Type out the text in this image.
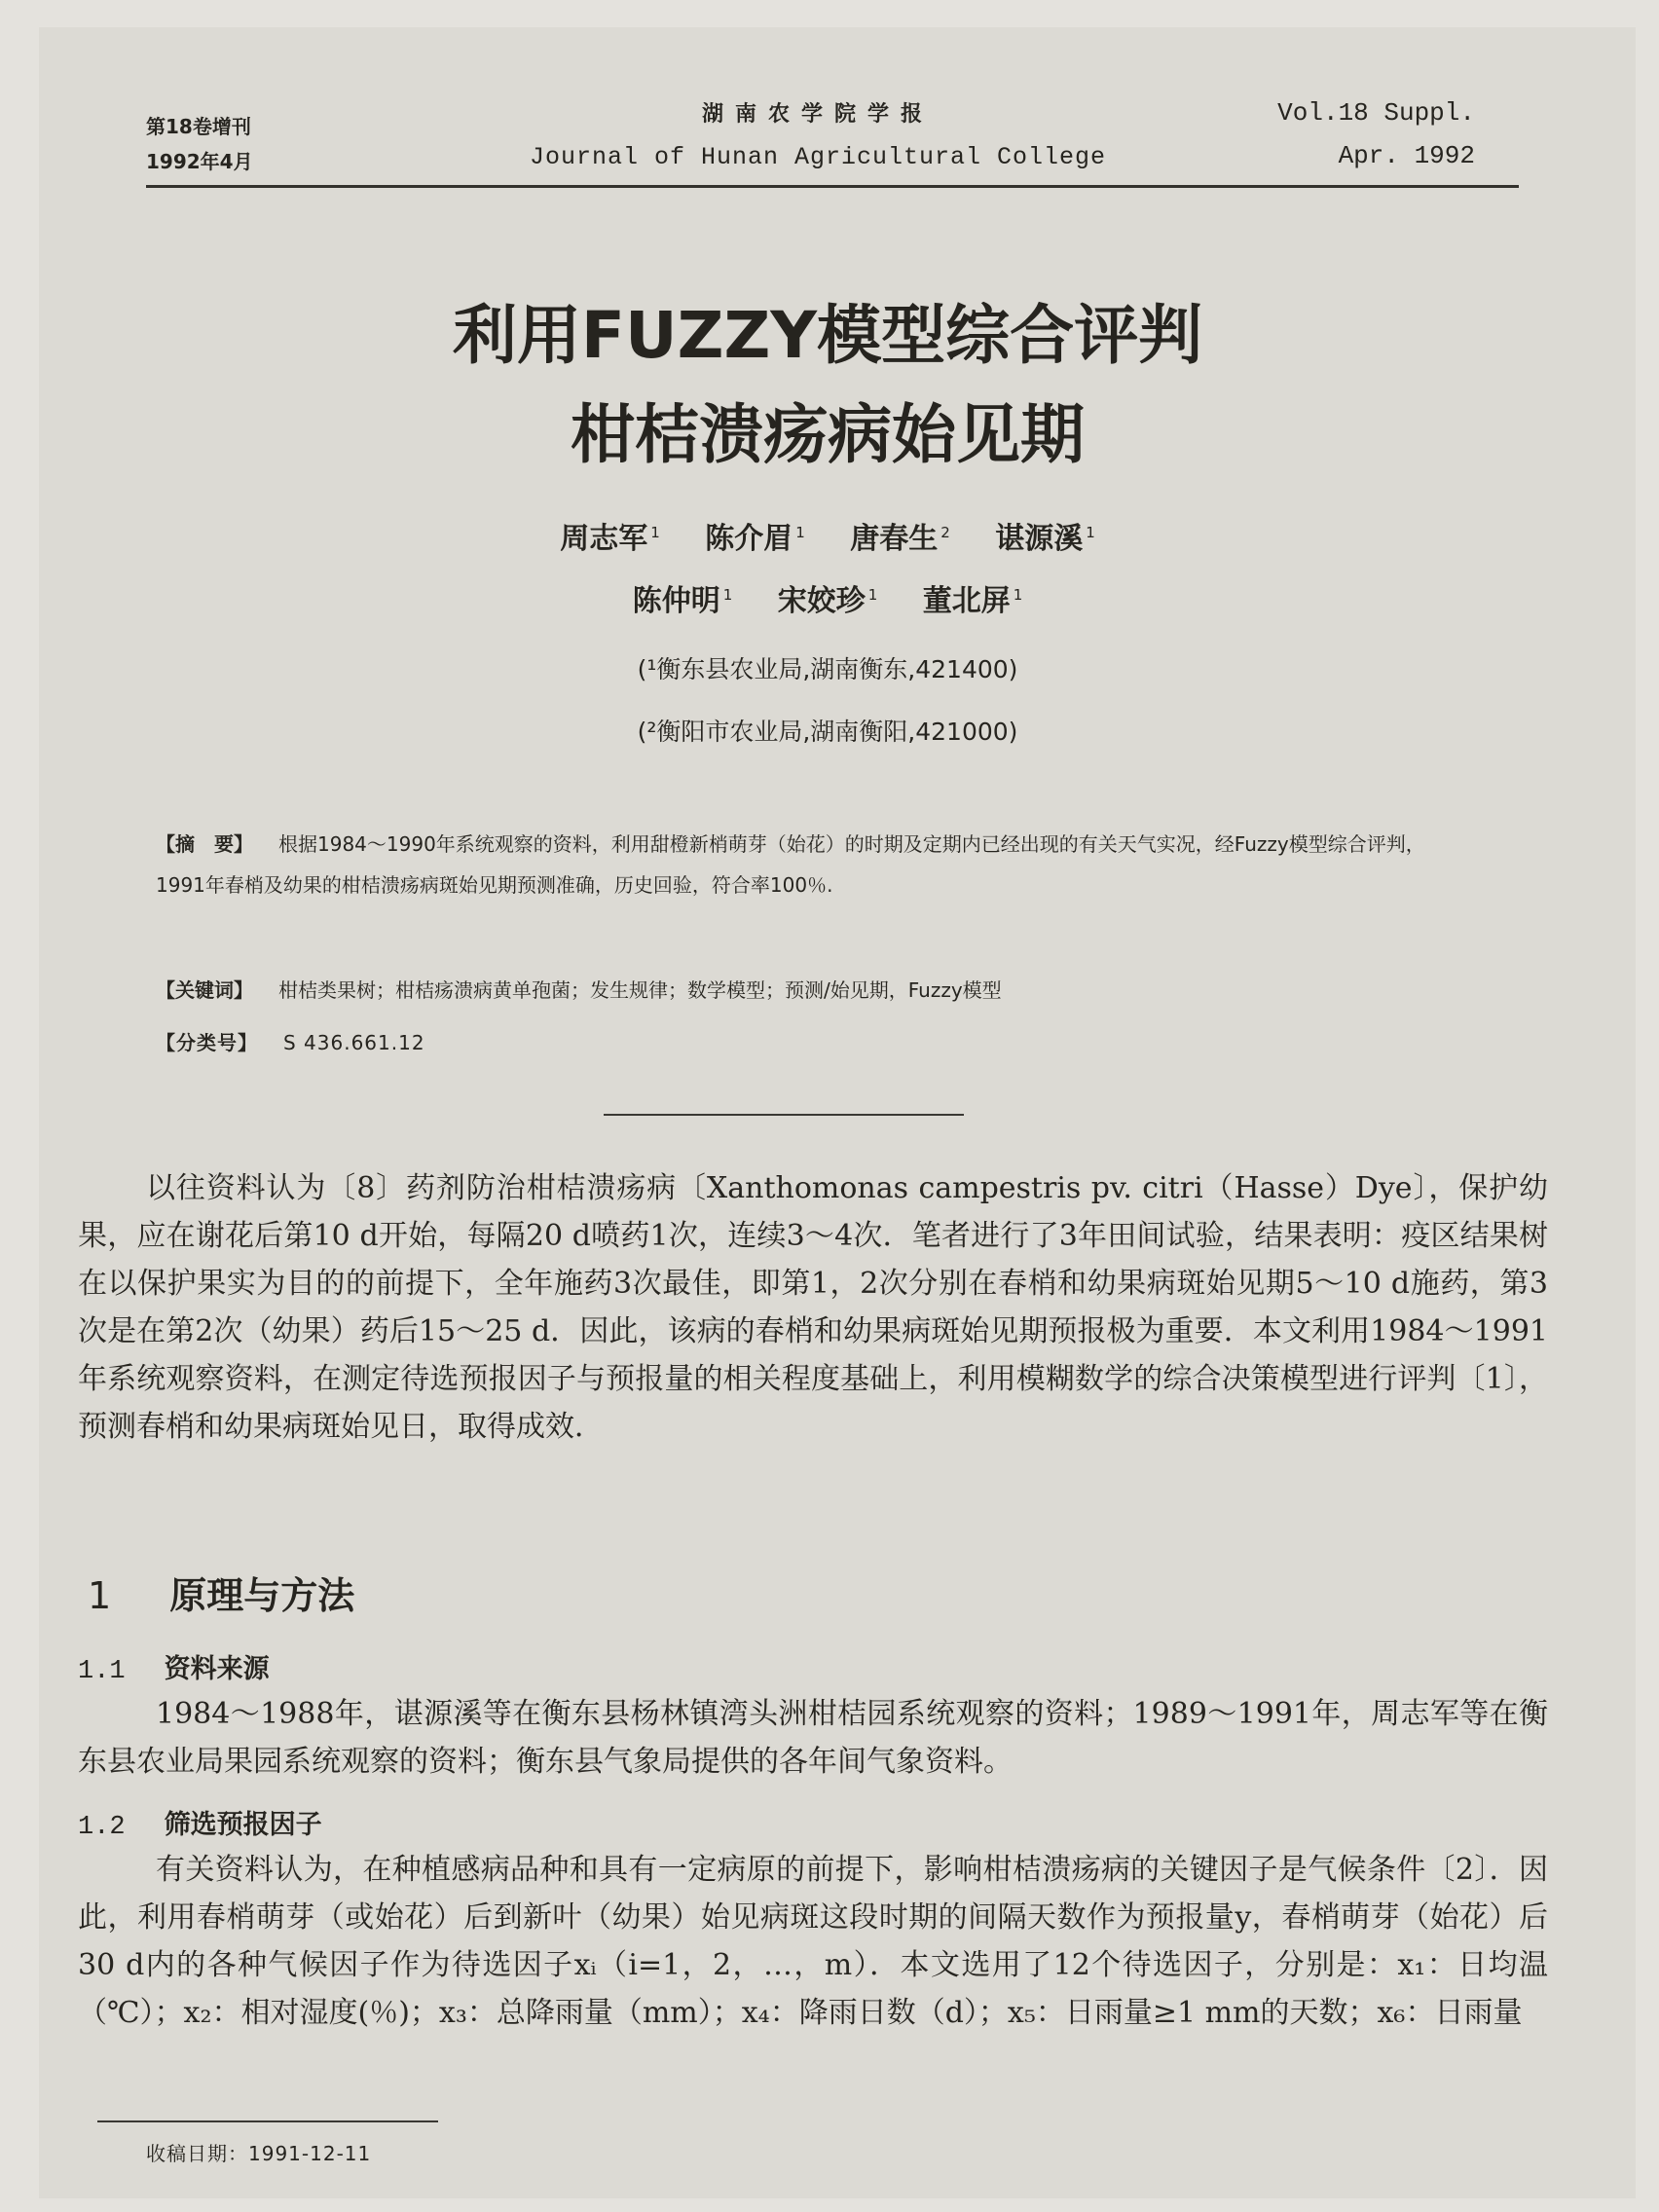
第18卷增刊
1992年4月
湖南农学院学报
Journal of Hunan Agricultural College
Vol.18 Suppl.
Apr. 1992
利用FUZZY模型综合评判
柑桔溃疡病始见期
周志军 $^1$ 陈介眉 $^1$ 唐春生 $^2$ 谌源溪 $^1$
陈仲明 $^1$ 宋姣珍 $^1$ 董北屏 $^1$
(¹衡东县农业局,湖南衡东,421400)
(²衡阳市农业局,湖南衡阳,421000)
【摘　要】 根据1984～1990年系统观察的资料，利用甜橙新梢萌芽（始花）的时期及定期内已经出现的有关天气实况，经Fuzzy模型综合评判，1991年春梢及幼果的柑桔溃疡病斑始见期预测准确，历史回验，符合率100％.
【关键词】 柑桔类果树；柑桔疡溃病黄单孢菌；发生规律；数学模型；预测/始见期，Fuzzy模型
【分类号】 S 436.661.12
以往资料认为〔8〕药剂防治柑桔溃疡病〔Xanthomonas campestris pv. citri（Hasse）Dye〕，保护幼果，应在谢花后第10 d开始，每隔20 d喷药1次，连续3～4次．笔者进行了3年田间试验，结果表明：疫区结果树在以保护果实为目的的前提下，全年施药3次最佳，即第1，2次分别在春梢和幼果病斑始见期5～10 d施药，第3次是在第2次（幼果）药后15～25 d．因此，该病的春梢和幼果病斑始见期预报极为重要．本文利用1984～1991年系统观察资料，在测定待选预报因子与预报量的相关程度基础上，利用模糊数学的综合决策模型进行评判〔1〕，预测春梢和幼果病斑始见日，取得成效．
1 原理与方法
1.1 资料来源
1984～1988年，谌源溪等在衡东县杨林镇湾头洲柑桔园系统观察的资料；1989～1991年，周志军等在衡东县农业局果园系统观察的资料；衡东县气象局提供的各年间气象资料。
1.2 筛选预报因子
有关资料认为，在种植感病品种和具有一定病原的前提下，影响柑桔溃疡病的关键因子是气候条件〔2〕．因此，利用春梢萌芽（或始花）后到新叶（幼果）始见病斑这段时期的间隔天数作为预报量y，春梢萌芽（始花）后30 d内的各种气候因子作为待选因子xᵢ（i=1，2，…，m）．本文选用了12个待选因子，分别是：x₁：日均温（℃）；x₂：相对湿度(％)；x₃：总降雨量（mm）；x₄：降雨日数（d）；x₅：日雨量≥1 mm的天数；x₆：日雨量
收稿日期：1991-12-11
